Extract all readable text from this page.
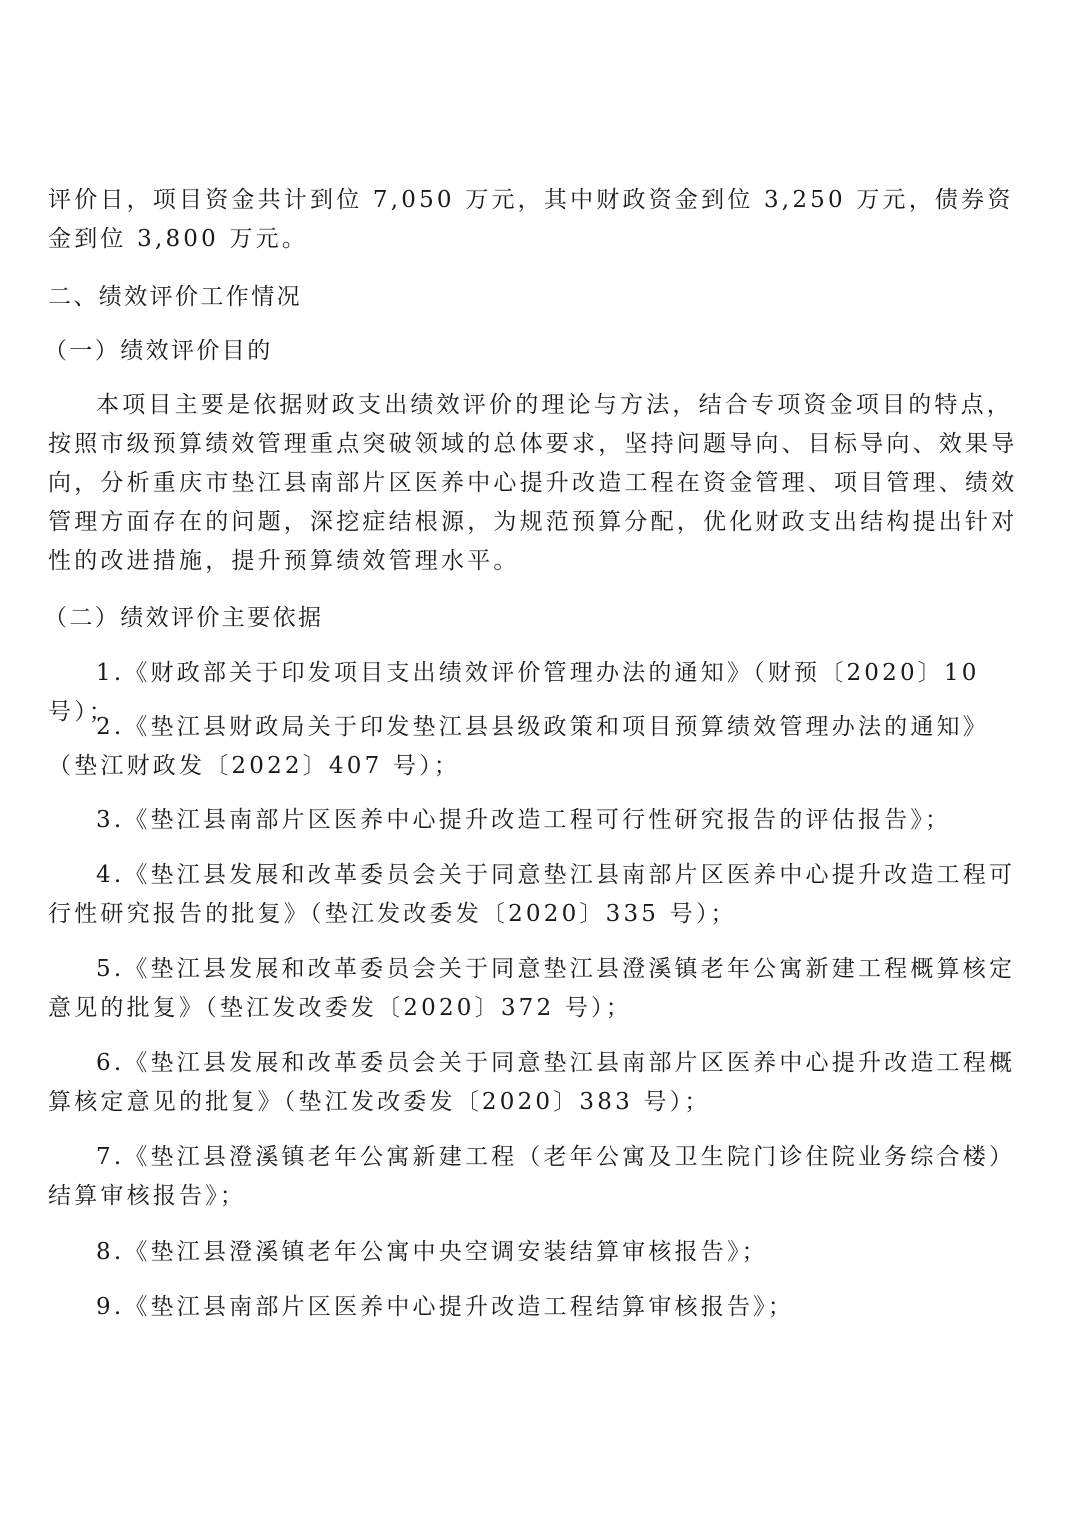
评价日，项目资金共计到位 7,050 万元，其中财政资金到位 3,250 万元，债券资金到位 3,800 万元。

二、绩效评价工作情况

（一）绩效评价目的

本项目主要是依据财政支出绩效评价的理论与方法，结合专项资金项目的特点，按照市级预算绩效管理重点突破领域的总体要求，坚持问题导向、目标导向、效果导向，分析重庆市垫江县南部片区医养中心提升改造工程在资金管理、项目管理、绩效管理方面存在的问题，深挖症结根源，为规范预算分配，优化财政支出结构提出针对性的改进措施，提升预算绩效管理水平。

（二）绩效评价主要依据

1.《财政部关于印发项目支出绩效评价管理办法的通知》（财预〔2020〕10 号）；

2.《垫江县财政局关于印发垫江县县级政策和项目预算绩效管理办法的通知》（垫江财政发〔2022〕407 号）；

3.《垫江县南部片区医养中心提升改造工程可行性研究报告的评估报告》；

4.《垫江县发展和改革委员会关于同意垫江县南部片区医养中心提升改造工程可行性研究报告的批复》（垫江发改委发〔2020〕335 号）；

5.《垫江县发展和改革委员会关于同意垫江县澄溪镇老年公寓新建工程概算核定意见的批复》（垫江发改委发〔2020〕372 号）；

6.《垫江县发展和改革委员会关于同意垫江县南部片区医养中心提升改造工程概算核定意见的批复》（垫江发改委发〔2020〕383 号）；

7.《垫江县澄溪镇老年公寓新建工程（老年公寓及卫生院门诊住院业务综合楼）结算审核报告》；

8.《垫江县澄溪镇老年公寓中央空调安装结算审核报告》；

9.《垫江县南部片区医养中心提升改造工程结算审核报告》；
